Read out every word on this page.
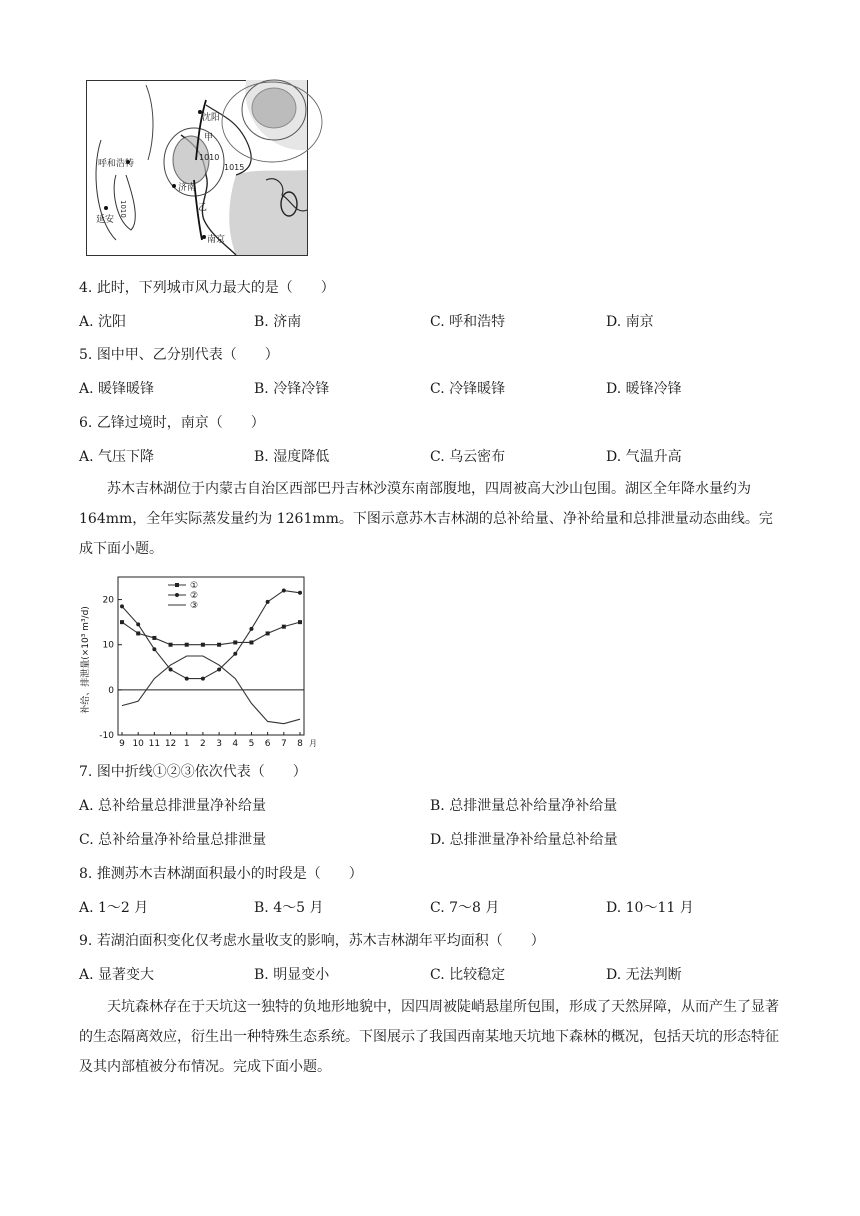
沈阳
呼和浩特
济南
延安
南京
1010
1015
1010
甲
乙
4. 此时，下列城市风力最大的是（　　）
A. 沈阳	B. 济南	C. 呼和浩特	D. 南京
5. 图中甲、乙分别代表（　　）
A. 暖锋暖锋	B. 冷锋冷锋	C. 冷锋暖锋	D. 暖锋冷锋
6. 乙锋过境时，南京（　　）
A. 气压下降	B. 湿度降低	C. 乌云密布	D. 气温升高

苏木吉林湖位于内蒙古自治区西部巴丹吉林沙漠东南部腹地，四周被高大沙山包围。湖区全年降水量约为 164mm，全年实际蒸发量约为 1261mm。下图示意苏木吉林湖的总补给量、净补给量和总排泄量动态曲线。完成下面小题。

补给、排泄量(×10³ m³/d)
-10
0
10
20
9 10 11 12 1 2 3 4 5 6 7 8 月
①
②
③
7. 图中折线①②③依次代表（　　）
A. 总补给量总排泄量净补给量	B. 总排泄量总补给量净补给量
C. 总补给量净补给量总排泄量	D. 总排泄量净补给量总补给量
8. 推测苏木吉林湖面积最小的时段是（　　）
A. 1～2 月	B. 4～5 月	C. 7～8 月	D. 10～11 月
9. 若湖泊面积变化仅考虑水量收支的影响，苏木吉林湖年平均面积（　　）
A. 显著变大	B. 明显变小	C. 比较稳定	D. 无法判断

天坑森林存在于天坑这一独特的负地形地貌中，因四周被陡峭悬崖所包围，形成了天然屏障，从而产生了显著的生态隔离效应，衍生出一种特殊生态系统。下图展示了我国西南某地天坑地下森林的概况，包括天坑的形态特征及其内部植被分布情况。完成下面小题。
